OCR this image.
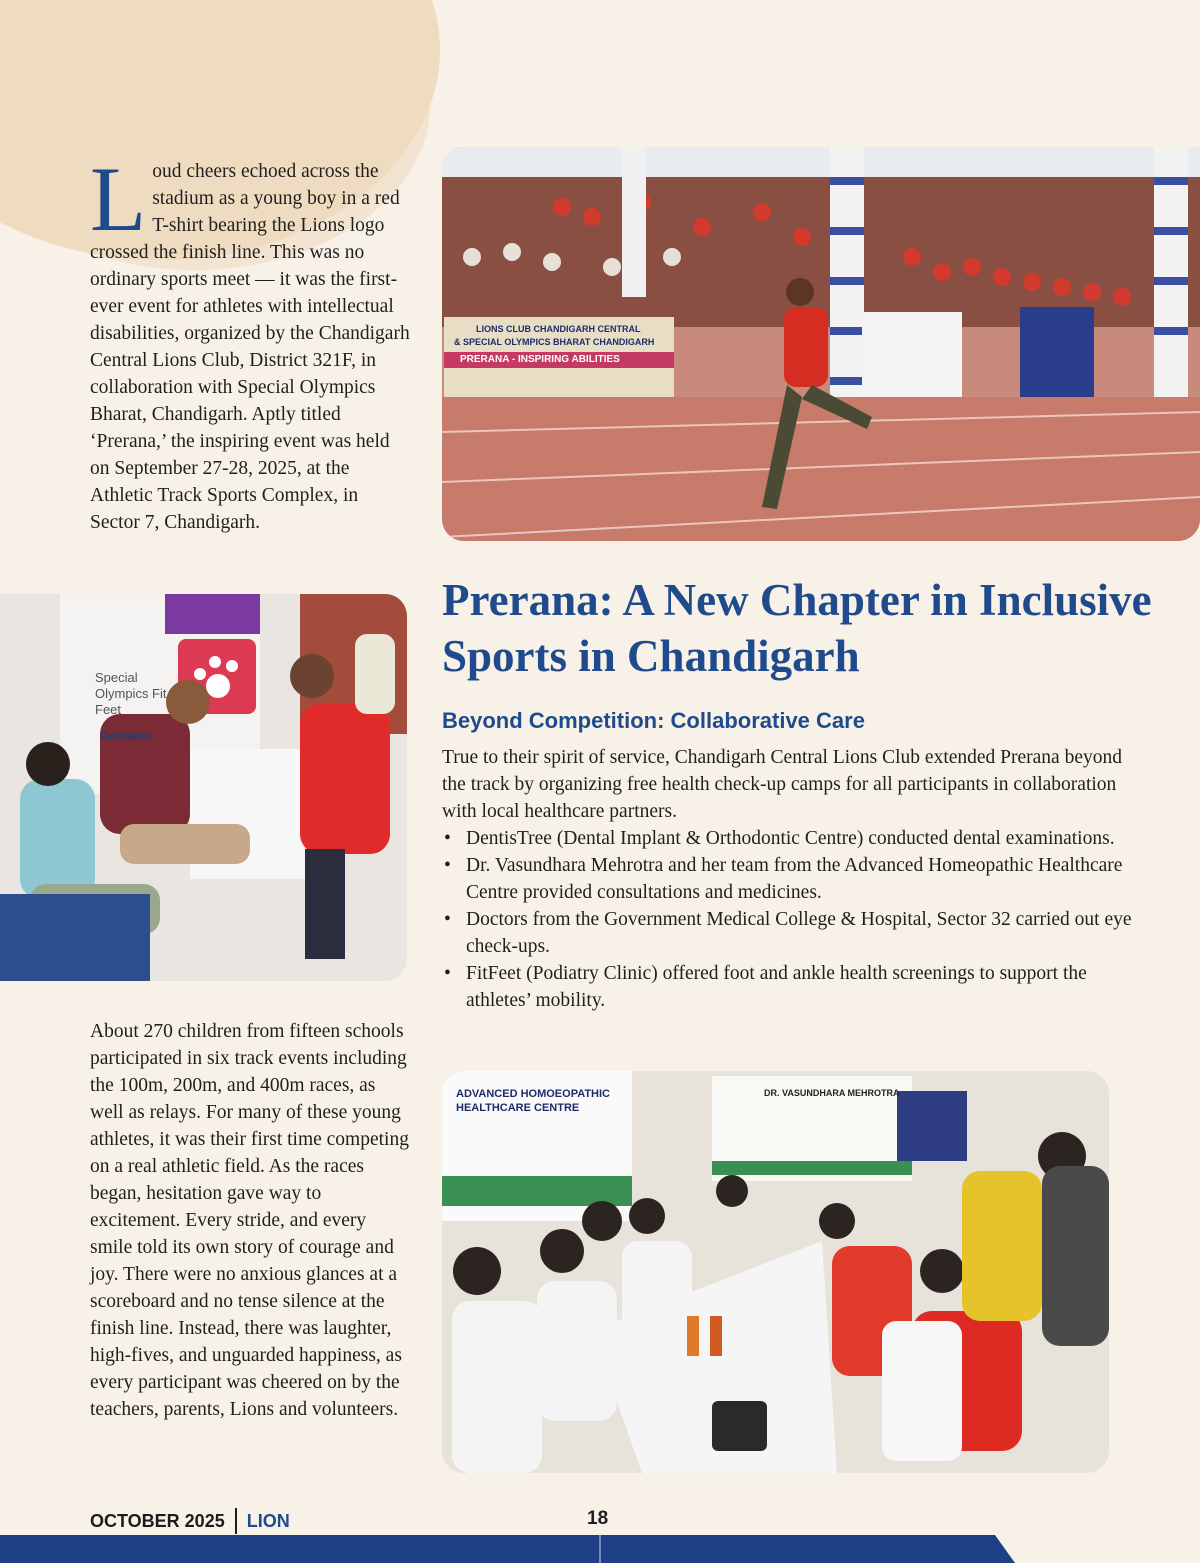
Loud cheers echoed across the stadium as a young boy in a red T-shirt bearing the Lions logo crossed the finish line. This was no ordinary sports meet — it was the first-ever event for athletes with intellectual disabilities, organized by the Chandigarh Central Lions Club, District 321F, in collaboration with Special Olympics Bharat, Chandigarh. Aptly titled ‘Prerana,’ the inspiring event was held on September 27-28, 2025, at the Athletic Track Sports Complex, in Sector 7, Chandigarh.
LIONS CLUB CHANDIGARH CENTRAL
& SPECIAL OLYMPICS BHARAT CHANDIGARH
PRERANA - INSPIRING ABILITIES
Special Olympics Fit Feet
Golisano
Prerana: A New Chapter in Inclusive Sports in Chandigarh
Beyond Competition: Collaborative Care

True to their spirit of service, Chandigarh Central Lions Club extended Prerana beyond the track by organizing free health check-up camps for all participants in collaboration with local healthcare partners.

• DentisTree (Dental Implant & Orthodontic Centre) conducted dental examinations.
• Dr. Vasundhara Mehrotra and her team from the Advanced Homeopathic Healthcare Centre provided consultations and medicines.
• Doctors from the Government Medical College & Hospital, Sector 32 carried out eye check-ups.
• FitFeet (Podiatry Clinic) offered foot and ankle health screenings to support the athletes’ mobility.
About 270 children from fifteen schools participated in six track events including the 100m, 200m, and 400m races, as well as relays. For many of these young athletes, it was their first time competing on a real athletic field. As the races began, hesitation gave way to excitement. Every stride, and every smile told its own story of courage and joy. There were no anxious glances at a scoreboard and no tense silence at the finish line. Instead, there was laughter, high-fives, and unguarded happiness, as every participant was cheered on by the teachers, parents, Lions and volunteers.
ADVANCED HOMOEOPATHIC HEALTHCARE CENTRE
DR. VASUNDHARA MEHROTRA
OCTOBER 2025 LION	18
